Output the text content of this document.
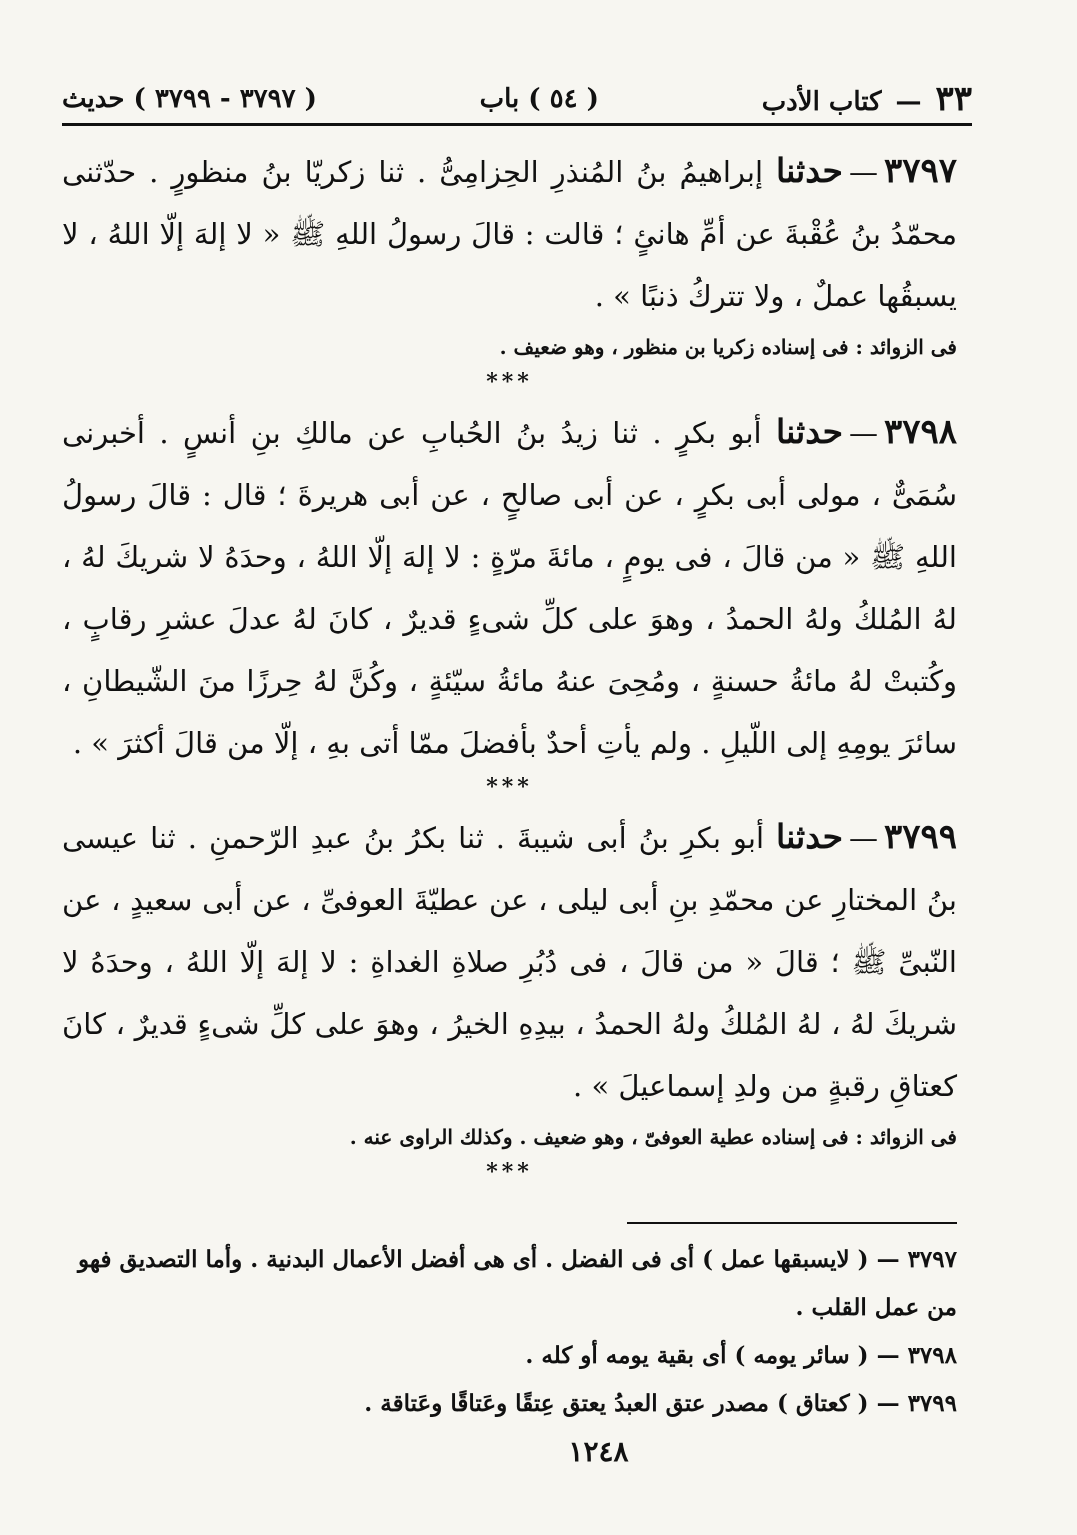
٣٣
—
كتاب الأدب
( ٥٤ ) باب
( ٣٧٩٧ - ٣٧٩٩ ) حديث

٣٧٩٧—حدثنا إبراهيمُ بنُ المُنذرِ الحِزامِىُّ . ثنا زكريّا بنُ منظورٍ . حدّثنى محمّدُ بنُ عُقْبةَ عن أمِّ هانئٍ ؛ قالت : قالَ رسولُ اللهِ ﷺ « لا إلهَ إلّا اللهُ ، لا يسبقُها عملٌ ، ولا تتركُ ذنبًا » .

فى الزوائد : فى إسناده زكريا بن منظور ، وهو ضعيف .

***

٣٧٩٨—حدثنا أبو بكرٍ . ثنا زيدُ بنُ الحُبابِ عن مالكِ بنِ أنسٍ . أخبرنى سُمَىٌّ ، مولى أبى بكرٍ ، عن أبى صالحٍ ، عن أبى هريرةَ ؛ قال : قالَ رسولُ اللهِ ﷺ « من قالَ ، فى يومٍ ، مائةَ مرّةٍ : لا إلهَ إلّا اللهُ ، وحدَهُ لا شريكَ لهُ ، لهُ المُلكُ ولهُ الحمدُ ، وهوَ على كلِّ شىءٍ قديرٌ ، كانَ لهُ عدلَ عشرِ رقابٍ ، وكُتبتْ لهُ مائةُ حسنةٍ ، ومُحِىَ عنهُ مائةُ سيّئةٍ ، وكُنَّ لهُ حِرزًا منَ الشّيطانِ ، سائرَ يومِهِ إلى اللّيلِ . ولم يأتِ أحدٌ بأفضلَ ممّا أتى بهِ ، إلّا من قالَ أكثرَ » .

***

٣٧٩٩—حدثنا أبو بكرِ بنُ أبى شيبةَ . ثنا بكرُ بنُ عبدِ الرّحمنِ . ثنا عيسى بنُ المختارِ عن محمّدِ بنِ أبى ليلى ، عن عطيّةَ العوفىِّ ، عن أبى سعيدٍ ، عن النّبىِّ ﷺ ؛ قالَ « من قالَ ، فى دُبُرِ صلاةِ الغداةِ : لا إلهَ إلّا اللهُ ، وحدَهُ لا شريكَ لهُ ، لهُ المُلكُ ولهُ الحمدُ ، بيدِهِ الخيرُ ، وهوَ على كلِّ شىءٍ قديرٌ ، كانَ كعتاقِ رقبةٍ من ولدِ إسماعيلَ » .

فى الزوائد : فى إسناده عطية العوفىّ ، وهو ضعيف . وكذلك الراوى عنه .

***

٣٧٩٧ — ( لايسبقها عمل ) أى فى الفضل . أى هى أفضل الأعمال البدنية . وأما التصديق فهو من عمل القلب .

٣٧٩٨ — ( سائر يومه ) أى بقية يومه أو كله .

٣٧٩٩ — ( كعتاق ) مصدر عتق العبدُ يعتق عِتقًا وعَتاقًا وعَتاقة .

١٢٤٨
